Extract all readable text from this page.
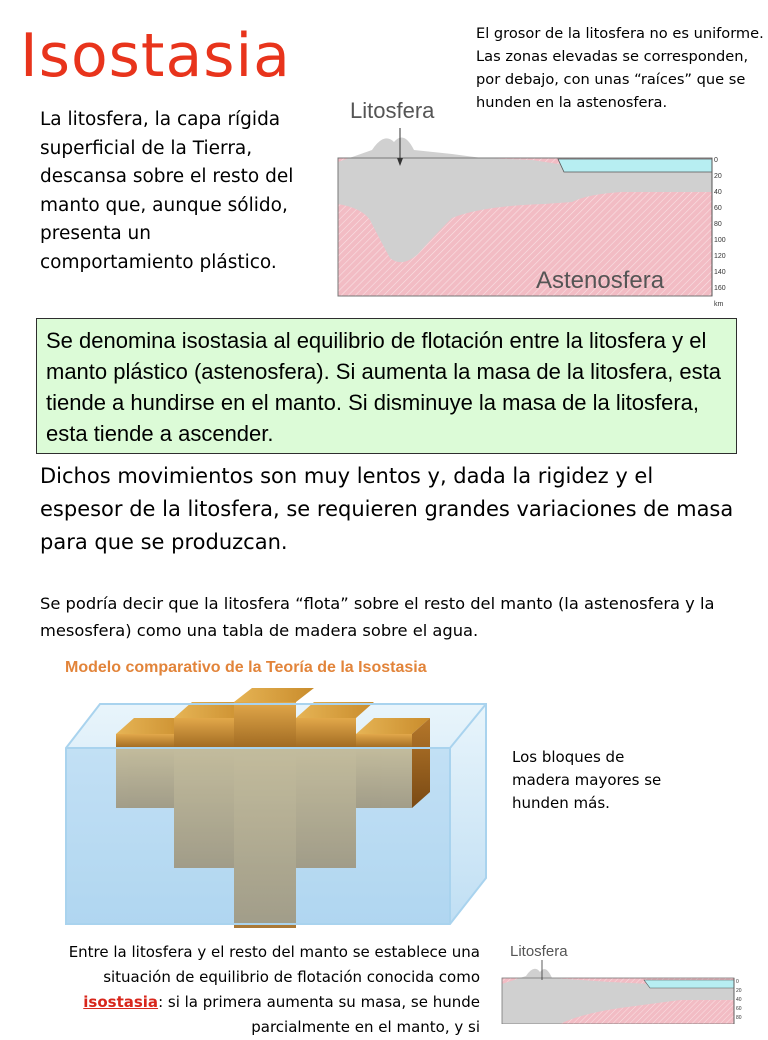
Isostasia
La litosfera, la capa rígida superficial de la Tierra, descansa sobre el resto del manto que, aunque sólido, presenta un comportamiento plástico.
El grosor de la litosfera no es uniforme. Las zonas elevadas se corresponden, por debajo, con unas “raíces” que se hunden en la astenosfera.
Litosfera
Astenosfera
0
20
40
60
80
100
120
140
160
km
Se denomina isostasia al equilibrio de flotación entre la litosfera y el manto plástico (astenosfera). Si aumenta la masa de la litosfera, esta tiende a hundirse en el manto. Si disminuye la masa de la litosfera, esta tiende a ascender.
Dichos movimientos son muy lentos y, dada la rigidez y el espesor de la litosfera, se requieren grandes variaciones de masa para que se produzcan.
Se podría decir que la litosfera “flota” sobre el resto del manto (la astenosfera y la mesosfera) como una tabla de madera sobre el agua.
Modelo comparativo de la Teoría de la Isostasia
Los bloques de madera mayores se hunden más.
Entre la litosfera y el resto del manto se establece una situación de equilibrio de flotación conocida como isostasia: si la primera aumenta su masa, se hunde parcialmente en el manto, y si
Litosfera
0
20
40
60
80
